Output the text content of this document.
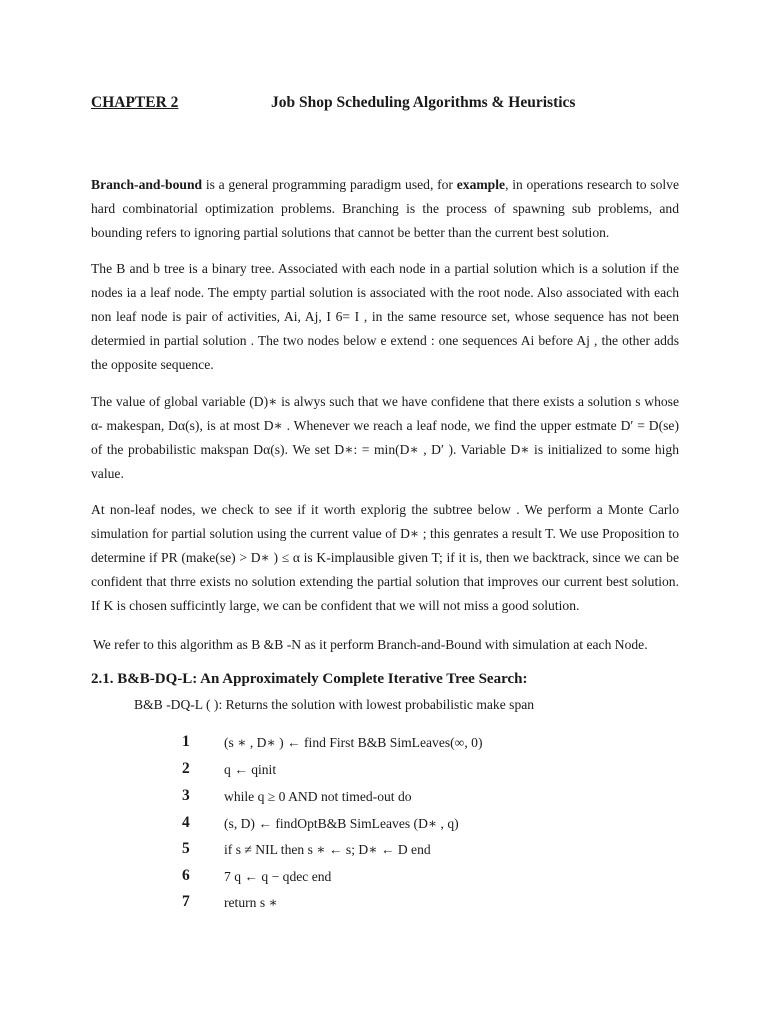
CHAPTER 2	Job Shop Scheduling Algorithms & Heuristics

Branch-and-bound is a general programming paradigm used, for example, in operations research to solve hard combinatorial optimization problems. Branching is the process of spawning sub problems, and bounding refers to ignoring partial solutions that cannot be better than the current best solution.

The B and b tree is a binary tree. Associated with each node in a partial solution which is a solution if the nodes ia a leaf node. The empty partial solution is associated with the root node. Also associated with each non leaf node is pair of activities, Ai, Aj, I 6= I , in the same resource set, whose sequence has not been determied in partial solution . The two nodes below e extend : one sequences Ai before Aj , the other adds the opposite sequence.

The value of global variable (D)∗ is alwys such that we have confidene that there exists a solution s whose α- makespan, Dα(s), is at most D∗ . Whenever we reach a leaf node, we find the upper estmate D′ = D(se) of the probabilistic makspan Dα(s). We set D∗: = min(D∗ , D′ ). Variable D∗ is initialized to some high value.

At non-leaf nodes, we check to see if it worth explorig the subtree below . We perform a Monte Carlo simulation for partial solution using the current value of D∗ ; this genrates a result T. We use Proposition to determine if PR (make(se) > D∗ ) ≤ α is K-implausible given T; if it is, then we backtrack, since we can be confident that thrre exists no solution extending the partial solution that improves our current best solution. If K is chosen sufficintly large, we can be confident that we will not miss a good solution.

We refer to this algorithm as B &B -N as it perform Branch-and-Bound with simulation at each Node.

2.1. B&B-DQ-L: An Approximately Complete Iterative Tree Search:
B&B -DQ-L ( ): Returns the solution with lowest probabilistic make span
1	(s ∗ , D∗ ) ← find First B&B SimLeaves(∞, 0)
2	q ← qinit
3	while q ≥ 0 AND not timed-out do
4	(s, D) ← findOptB&B SimLeaves (D∗ , q)
5	if s ≠ NIL then s ∗ ← s; D∗ ← D end
6	7 q ← q − qdec end
7	return s ∗
